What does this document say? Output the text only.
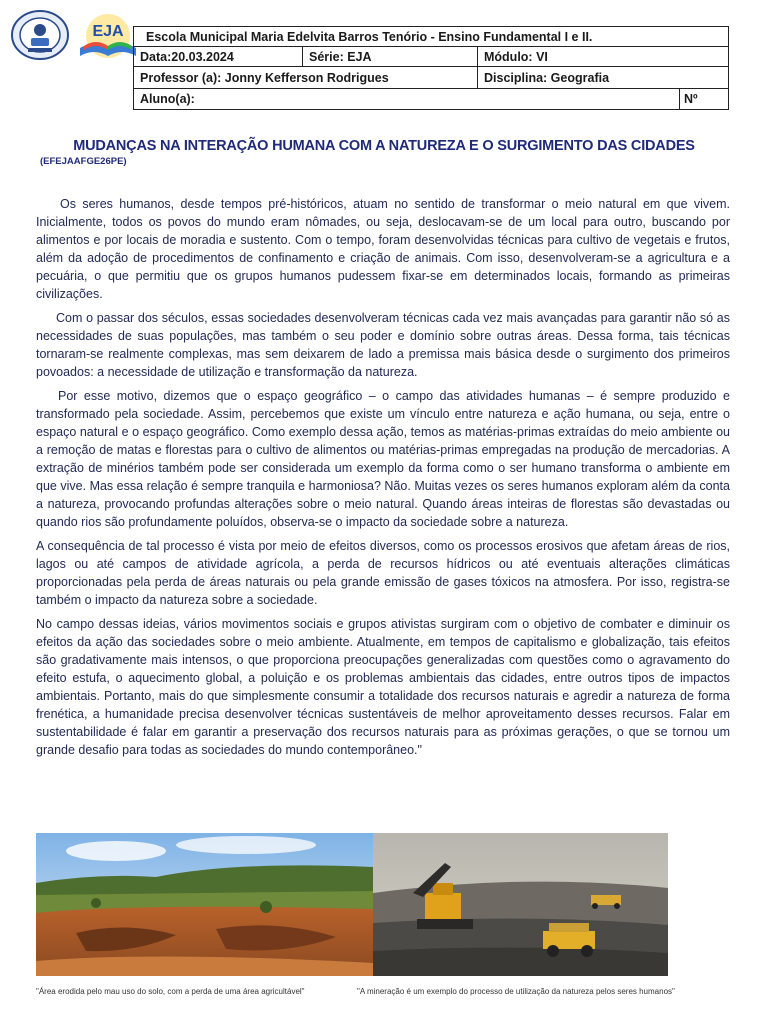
EJA Escola Municipal Maria Edelvita Barros Tenório - Ensino Fundamental I e II.		
Data:20.03.2024	Série: EJA	Módulo: VI
Professor (a): Jonny Kefferson Rodrigues		Disciplina: Geografia

Aluno(a): Nº		
MUDANÇAS NA INTERAÇÃO HUMANA COM A NATUREZA E O SURGIMENTO DAS CIDADES
(EFEJAAFGE26PE)

Os seres humanos, desde tempos pré-históricos, atuam no sentido de transformar o meio natural em que vivem. Inicialmente, todos os povos do mundo eram nômades, ou seja, deslocavam-se de um local para outro, buscando por alimentos e por locais de moradia e sustento. Com o tempo, foram desenvolvidas técnicas para cultivo de vegetais e frutos, além da adoção de procedimentos de confinamento e criação de animais. Com isso, desenvolveram-se a agricultura e a pecuária, o que permitiu que os grupos humanos pudessem fixar-se em determinados locais, formando as primeiras civilizações.

Com o passar dos séculos, essas sociedades desenvolveram técnicas cada vez mais avançadas para garantir não só as necessidades de suas populações, mas também o seu poder e domínio sobre outras áreas. Dessa forma, tais técnicas tornaram-se realmente complexas, mas sem deixarem de lado a premissa mais básica desde o surgimento dos primeiros povoados: a necessidade de utilização e transformação da natureza.

Por esse motivo, dizemos que o espaço geográfico – o campo das atividades humanas – é sempre produzido e transformado pela sociedade. Assim, percebemos que existe um vínculo entre natureza e ação humana, ou seja, entre o espaço natural e o espaço geográfico. Como exemplo dessa ação, temos as matérias-primas extraídas do meio ambiente ou a remoção de matas e florestas para o cultivo de alimentos ou matérias-primas empregadas na produção de mercadorias. A extração de minérios também pode ser considerada um exemplo da forma como o ser humano transforma o ambiente em que vive. Mas essa relação é sempre tranquila e harmoniosa? Não. Muitas vezes os seres humanos exploram além da conta a natureza, provocando profundas alterações sobre o meio natural. Quando áreas inteiras de florestas são devastadas ou quando rios são profundamente poluídos, observa-se o impacto da sociedade sobre a natureza.

A consequência de tal processo é vista por meio de efeitos diversos, como os processos erosivos que afetam áreas de rios, lagos ou até campos de atividade agrícola, a perda de recursos hídricos ou até eventuais alterações climáticas proporcionadas pela perda de áreas naturais ou pela grande emissão de gases tóxicos na atmosfera. Por isso, registra-se também o impacto da natureza sobre a sociedade.

No campo dessas ideias, vários movimentos sociais e grupos ativistas surgiram com o objetivo de combater e diminuir os efeitos da ação das sociedades sobre o meio ambiente. Atualmente, em tempos de capitalismo e globalização, tais efeitos são gradativamente mais intensos, o que proporciona preocupações generalizadas com questões como o agravamento do efeito estufa, o aquecimento global, a poluição e os problemas ambientais das cidades, entre outros tipos de impactos ambientais. Portanto, mais do que simplesmente consumir a totalidade dos recursos naturais e agredir a natureza de forma frenética, a humanidade precisa desenvolver técnicas sustentáveis de melhor aproveitamento desses recursos. Falar em sustentabilidade é falar em garantir a preservação dos recursos naturais para as próximas gerações, o que se tornou um grande desafio para todas as sociedades do mundo contemporâneo."

"Área erodida pelo mau uso do solo, com a perda de uma área agricultável"	"A mineração é um exemplo do processo de utilização da natureza pelos seres humanos"
